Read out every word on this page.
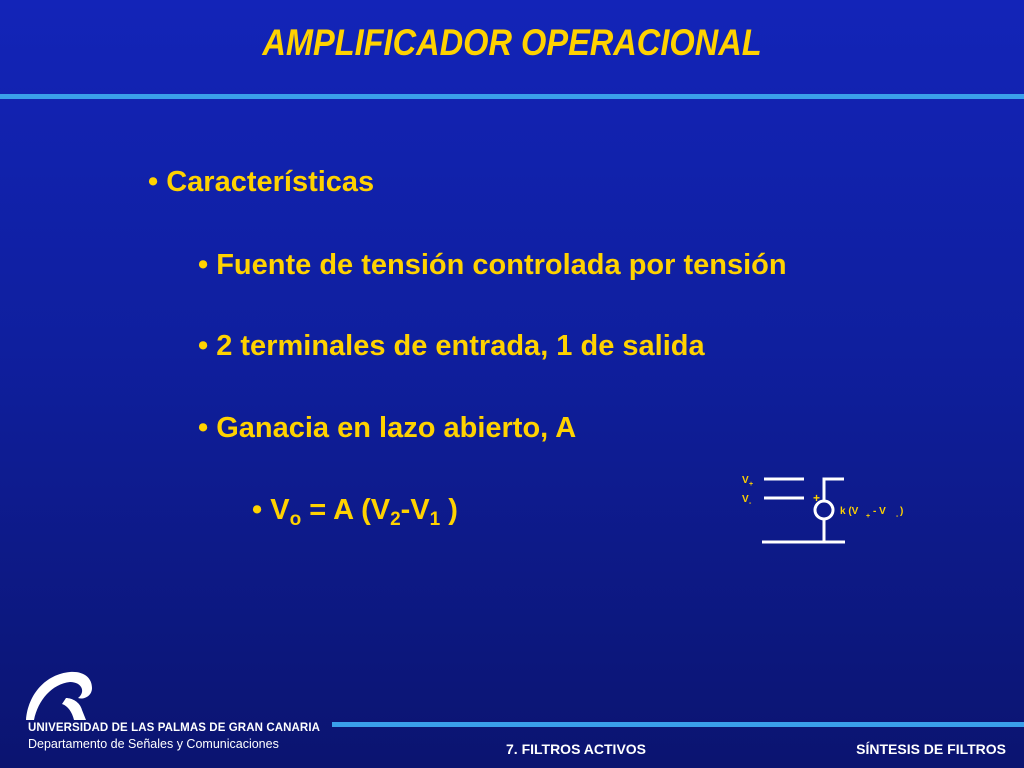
AMPLIFICADOR OPERACIONAL
• Características
• Fuente de tensión controlada por tensión
• 2 terminales de entrada, 1 de salida
• Ganacia en lazo abierto, A
• $V_o = A$ ($V_2-V_1$ )
V +
V -	+
k (V + - V - )
UNIVERSIDAD DE LAS PALMAS DE GRAN CANARIA
Departamento de Señales y Comunicaciones	7. FILTROS ACTIVOS	SÍNTESIS DE FILTROS
